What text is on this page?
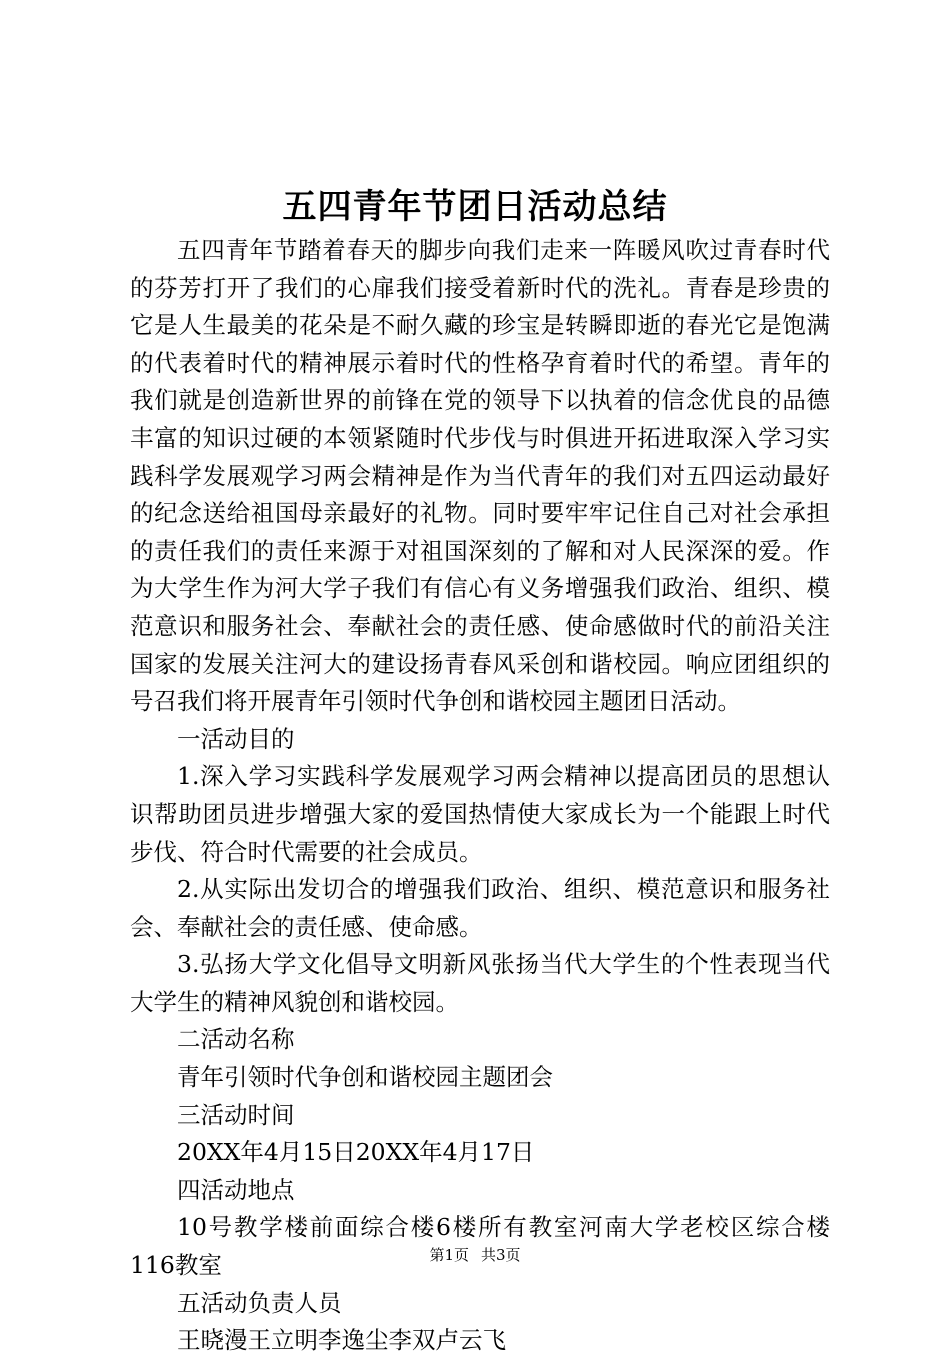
五四青年节团日活动总结

五四青年节踏着春天的脚步向我们走来一阵暖风吹过青春时代的芬芳打开了我们的心扉我们接受着新时代的洗礼。青春是珍贵的它是人生最美的花朵是不耐久藏的珍宝是转瞬即逝的春光它是饱满的代表着时代的精神展示着时代的性格孕育着时代的希望。青年的我们就是创造新世界的前锋在党的领导下以执着的信念优良的品德丰富的知识过硬的本领紧随时代步伐与时俱进开拓进取深入学习实践科学发展观学习两会精神是作为当代青年的我们对五四运动最好的纪念送给祖国母亲最好的礼物。同时要牢牢记住自己对社会承担的责任我们的责任来源于对祖国深刻的了解和对人民深深的爱。作为大学生作为河大学子我们有信心有义务增强我们政治、组织、模范意识和服务社会、奉献社会的责任感、使命感做时代的前沿关注国家的发展关注河大的建设扬青春风采创和谐校园。响应团组织的号召我们将开展青年引领时代争创和谐校园主题团日活动。

一活动目的

1.深入学习实践科学发展观学习两会精神以提高团员的思想认识帮助团员进步增强大家的爱国热情使大家成长为一个能跟上时代步伐、符合时代需要的社会成员。

2.从实际出发切合的增强我们政治、组织、模范意识和服务社会、奉献社会的责任感、使命感。

3.弘扬大学文化倡导文明新风张扬当代大学生的个性表现当代大学生的精神风貌创和谐校园。

二活动名称

青年引领时代争创和谐校园主题团会

三活动时间

20XX年4月15日20XX年4月17日

四活动地点

10号教学楼前面综合楼6楼所有教室河南大学老校区综合楼116教室

五活动负责人员

王晓漫王立明李逸尘李双卢云飞

第1页 共3页
